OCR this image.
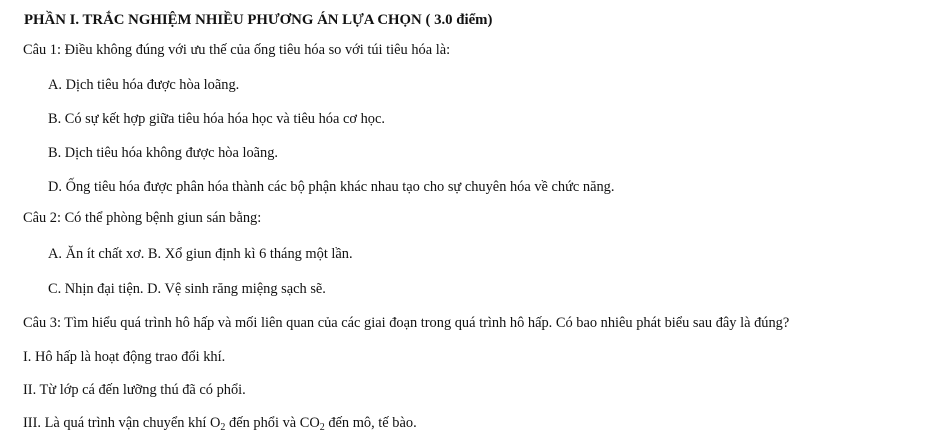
PHẦN I. TRẮC NGHIỆM NHIỀU PHƯƠNG ÁN LỰA CHỌN ( 3.0 điểm)
Câu 1: Điều không đúng với ưu thế của ống tiêu hóa so với túi tiêu hóa là:
A. Dịch tiêu hóa được hòa loãng.
B. Có sự kết hợp giữa tiêu hóa hóa học và tiêu hóa cơ học.
B. Dịch tiêu hóa không được hòa loãng.
D. Ống tiêu hóa được phân hóa thành các bộ phận khác nhau tạo cho sự chuyên hóa về chức năng.
Câu 2: Có thể phòng bệnh giun sán bằng:
A. Ăn ít chất xơ. B. Xổ giun định kì 6 tháng một lần.
C. Nhịn đại tiện. D. Vệ sinh răng miệng sạch sẽ.
Câu 3: Tìm hiểu quá trình hô hấp và mối liên quan của các giai đoạn trong quá trình hô hấp. Có bao nhiêu phát biểu sau đây là đúng?
I. Hô hấp là hoạt động trao đổi khí.
II. Từ lớp cá đến lưỡng thú đã có phổi.
III. Là quá trình vận chuyển khí $O_2$ đến phổi và $CO_2$ đến mô, tế bào.
